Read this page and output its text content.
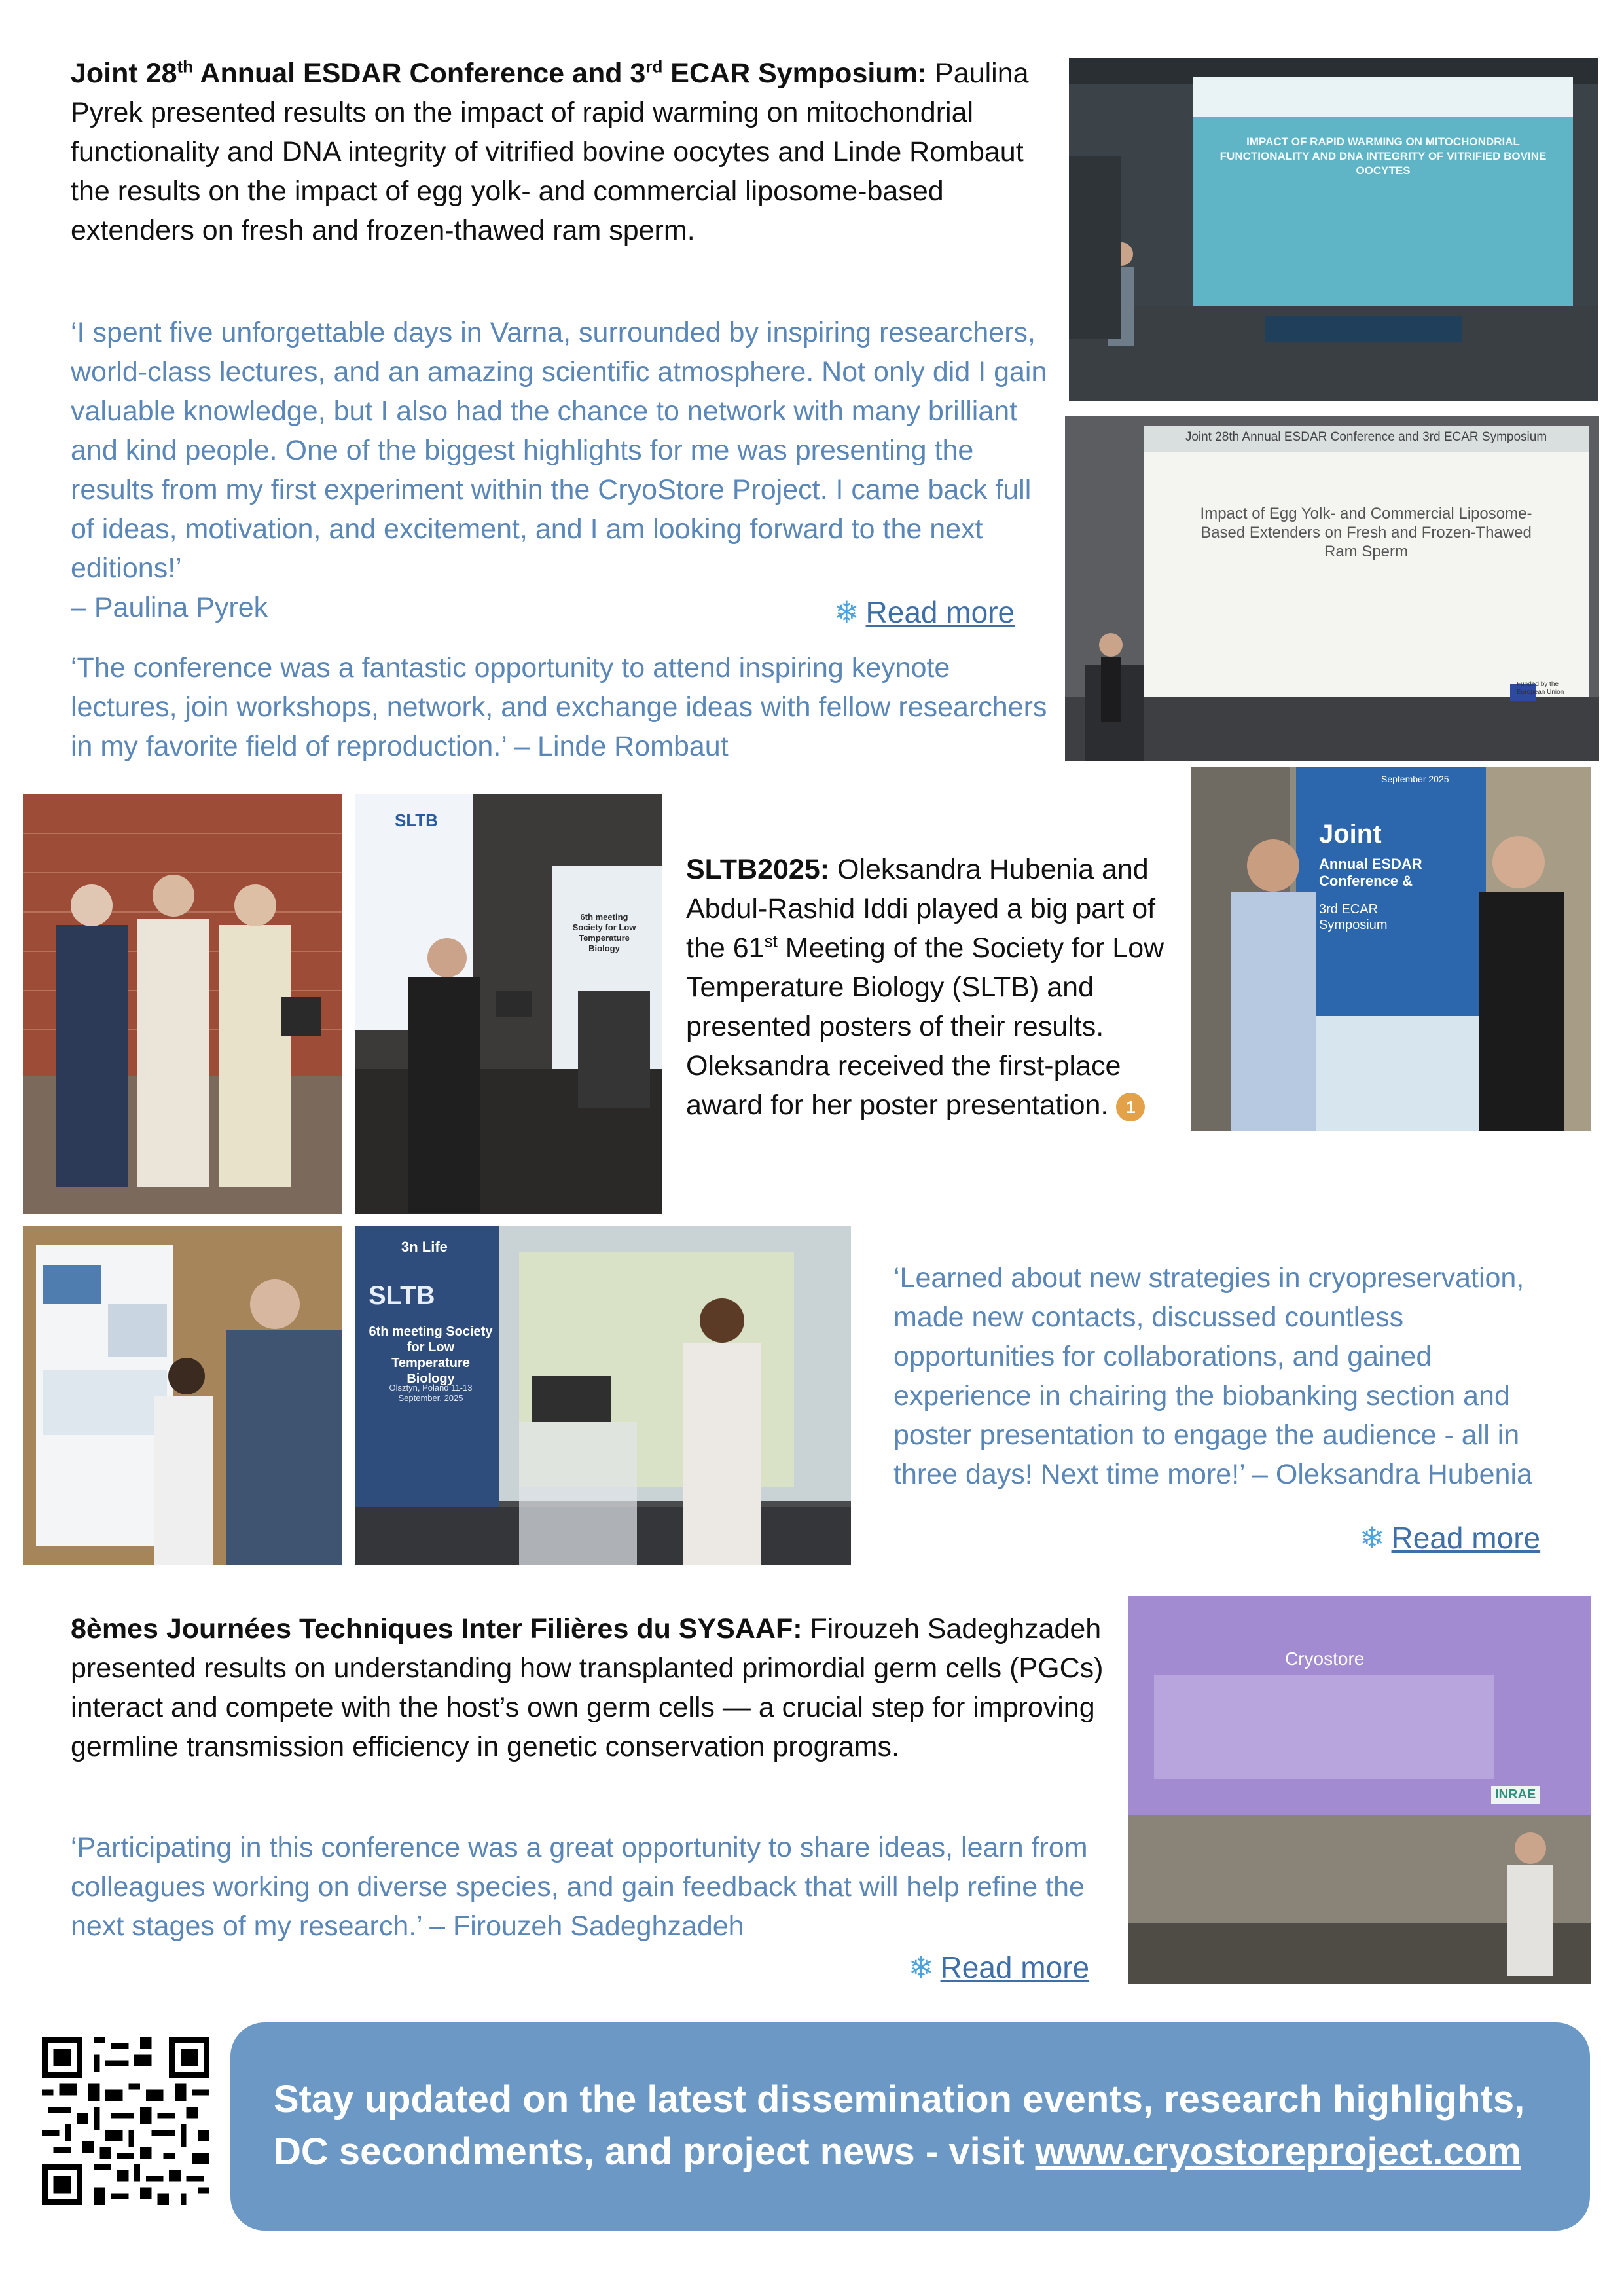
Joint 28th Annual ESDAR Conference and 3rd ECAR Symposium: Paulina Pyrek presented results on the impact of rapid warming on mitochondrial functionality and DNA integrity of vitrified bovine oocytes and Linde Rombaut the results on the impact of egg yolk- and commercial liposome-based extenders on fresh and frozen-thawed ram sperm.
‘I spent five unforgettable days in Varna, surrounded by inspiring researchers, world-class lectures, and an amazing scientific atmosphere. Not only did I gain valuable knowledge, but I also had the chance to network with many brilliant and kind people. One of the biggest highlights for me was presenting the results from my first experiment within the CryoStore Project. I came back full of ideas, motivation, and excitement, and I am looking forward to the next editions!’
– Paulina Pyrek	❄ Read more
‘The conference was a fantastic opportunity to attend inspiring keynote lectures, join workshops, network, and exchange ideas with fellow researchers in my favorite field of reproduction.’ – Linde Rombaut
IMPACT OF RAPID WARMING ON MITOCHONDRIAL FUNCTIONALITY AND DNA INTEGRITY OF VITRIFIED BOVINE OOCYTES
Joint 28th Annual ESDAR Conference and 3rd ECAR Symposium
Impact of Egg Yolk- and Commercial Liposome-Based Extenders on Fresh and Frozen-Thawed Ram Sperm
Funded by the European Union
SLTB
6th meeting Society for Low Temperature Biology
SLTB2025: Oleksandra Hubenia and Abdul-Rashid Iddi played a big part of the 61st Meeting of the Society for Low Temperature Biology (SLTB) and presented posters of their results. Oleksandra received the first-place award for her poster presentation. 1
Joint
Annual ESDAR Conference &
3rd ECAR Symposium
September 2025
3n Life
SLTB
6th meeting Society for Low Temperature Biology
Olsztyn, Poland 11-13 September, 2025
‘Learned about new strategies in cryopreservation, made new contacts, discussed countless opportunities for collaborations, and gained experience in chairing the biobanking section and poster presentation to engage the audience - all in three days! Next time more!’ – Oleksandra Hubenia
❄ Read more
8èmes Journées Techniques Inter Filières du SYSAAF: Firouzeh Sadeghzadeh presented results on understanding how transplanted primordial germ cells (PGCs) interact and compete with the host’s own germ cells — a crucial step for improving germline transmission efficiency in genetic conservation programs.
‘Participating in this conference was a great opportunity to share ideas, learn from colleagues working on diverse species, and gain feedback that will help refine the next stages of my research.’ – Firouzeh Sadeghzadeh
❄ Read more
Cryostore
INRAE
Stay updated on the latest dissemination events, research highlights,
DC secondments, and project news - visit www.cryostoreproject.com
